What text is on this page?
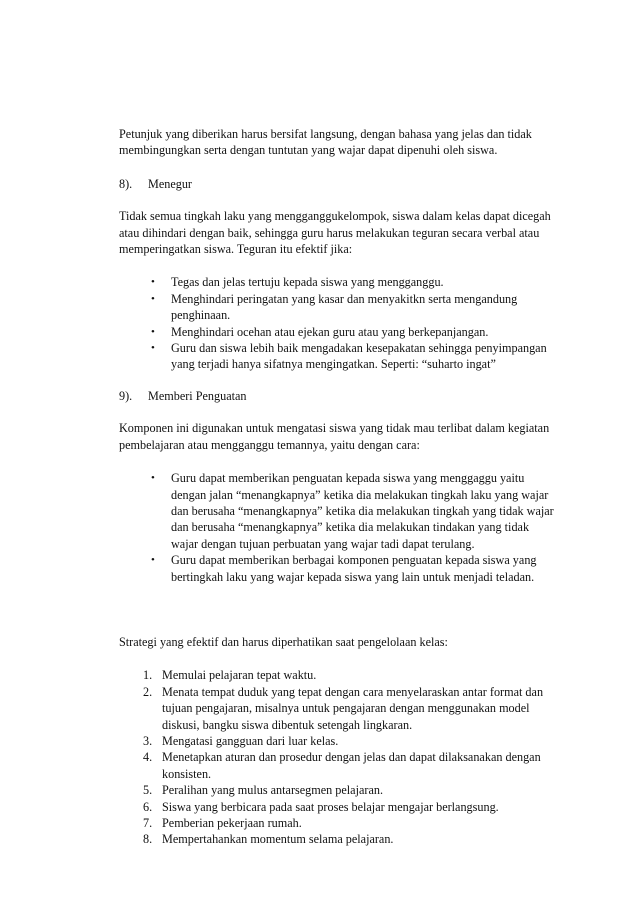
Petunjuk yang diberikan harus bersifat langsung, dengan bahasa yang jelas dan tidak membingungkan serta dengan tuntutan yang wajar dapat dipenuhi oleh siswa.

8). Menegur

Tidak semua tingkah laku yang mengganggukelompok, siswa dalam kelas dapat dicegah atau dihindari dengan baik, sehingga guru harus melakukan teguran secara verbal atau memperingatkan siswa. Teguran itu efektif jika:

• Tegas dan jelas tertuju kepada siswa yang mengganggu.
• Menghindari peringatan yang kasar dan menyakitkn serta mengandung penghinaan.
• Menghindari ocehan atau ejekan guru atau yang berkepanjangan.
• Guru dan siswa lebih baik mengadakan kesepakatan sehingga penyimpangan yang terjadi hanya sifatnya mengingatkan. Seperti: “suharto ingat”

9). Memberi Penguatan

Komponen ini digunakan untuk mengatasi siswa yang tidak mau terlibat dalam kegiatan pembelajaran atau mengganggu temannya, yaitu dengan cara:

• Guru dapat memberikan penguatan kepada siswa yang menggaggu yaitu dengan jalan “menangkapnya” ketika dia melakukan tingkah laku yang wajar dan berusaha “menangkapnya” ketika dia melakukan tingkah yang tidak wajar dan berusaha “menangkapnya” ketika dia melakukan tindakan yang tidak wajar dengan tujuan perbuatan yang wajar tadi dapat terulang.
• Guru dapat memberikan berbagai komponen penguatan kepada siswa yang bertingkah laku yang wajar kepada siswa yang lain untuk menjadi teladan.

Strategi yang efektif dan harus diperhatikan saat pengelolaan kelas:

1. Memulai pelajaran tepat waktu.
2. Menata tempat duduk yang tepat dengan cara menyelaraskan antar format dan tujuan pengajaran, misalnya untuk pengajaran dengan menggunakan model diskusi, bangku siswa dibentuk setengah lingkaran.
3. Mengatasi gangguan dari luar kelas.
4. Menetapkan aturan dan prosedur dengan jelas dan dapat dilaksanakan dengan konsisten.
5. Peralihan yang mulus antarsegmen pelajaran.
6. Siswa yang berbicara pada saat proses belajar mengajar berlangsung.
7. Pemberian pekerjaan rumah.
8. Mempertahankan momentum selama pelajaran.
